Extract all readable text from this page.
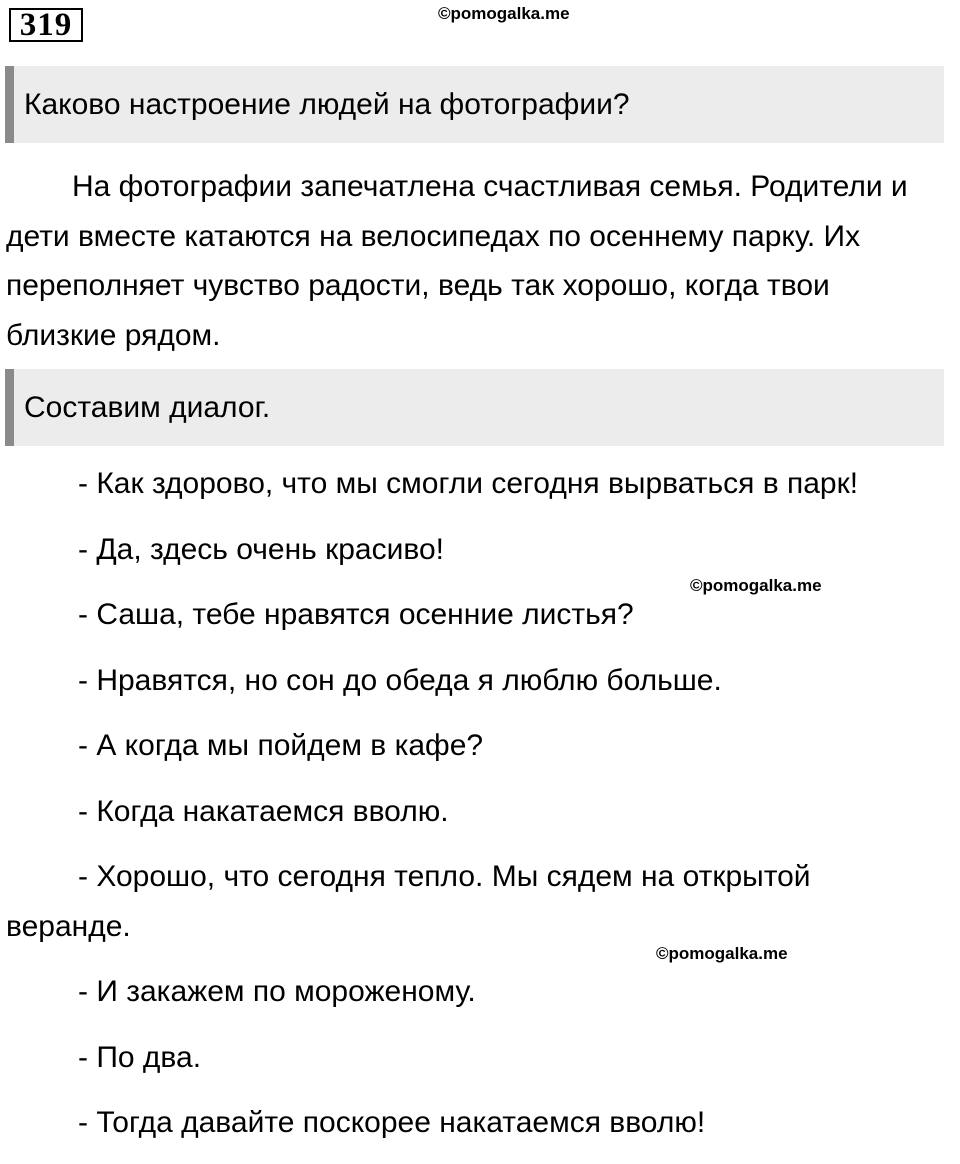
319	©pomogalka.me
Каково настроение людей на фотографии?

На фотографии запечатлена счастливая семья. Родители и дети вместе катаются на велосипедах по осеннему парку. Их переполняет чувство радости, ведь так хорошо, когда твои близкие рядом.

Составим диалог.
- Как здорово, что мы смогли сегодня вырваться в парк!
- Да, здесь очень красиво!
- Саша, тебе нравятся осенние листья?
- Нравятся, но сон до обеда я люблю больше.
- А когда мы пойдем в кафе?
- Когда накатаемся вволю.
- Хорошо, что сегодня тепло. Мы сядем на открытой веранде.
- И закажем по мороженому.
- По два.
- Тогда давайте поскорее накатаемся вволю!
©pomogalka.me
©pomogalka.me
